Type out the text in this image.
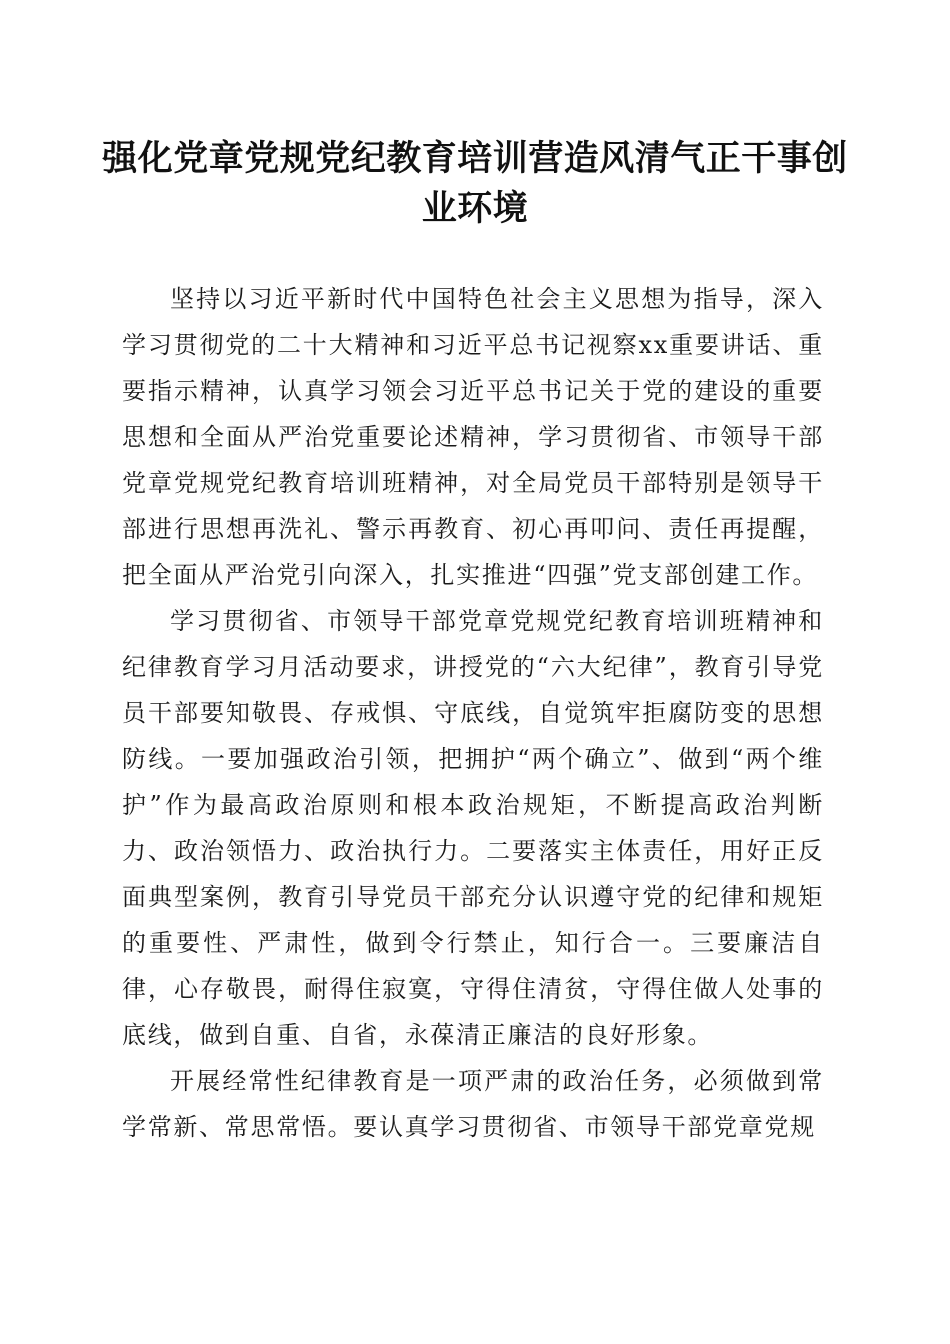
强化党章党规党纪教育培训营造风清气正干事创业环境

坚持以习近平新时代中国特色社会主义思想为指导，深入学习贯彻党的二十大精神和习近平总书记视察xx重要讲话、重要指示精神，认真学习领会习近平总书记关于党的建设的重要思想和全面从严治党重要论述精神，学习贯彻省、市领导干部党章党规党纪教育培训班精神，对全局党员干部特别是领导干部进行思想再洗礼、警示再教育、初心再叩问、责任再提醒，把全面从严治党引向深入，扎实推进“四强”党支部创建工作。

学习贯彻省、市领导干部党章党规党纪教育培训班精神和纪律教育学习月活动要求，讲授党的“六大纪律”，教育引导党员干部要知敬畏、存戒惧、守底线，自觉筑牢拒腐防变的思想防线。一要加强政治引领，把拥护“两个确立”、做到“两个维护”作为最高政治原则和根本政治规矩，不断提高政治判断力、政治领悟力、政治执行力。二要落实主体责任，用好正反面典型案例，教育引导党员干部充分认识遵守党的纪律和规矩的重要性、严肃性，做到令行禁止，知行合一。三要廉洁自律，心存敬畏，耐得住寂寞，守得住清贫，守得住做人处事的底线，做到自重、自省，永葆清正廉洁的良好形象。

开展经常性纪律教育是一项严肃的政治任务，必须做到常学常新、常思常悟。要认真学习贯彻省、市领导干部党章党规
